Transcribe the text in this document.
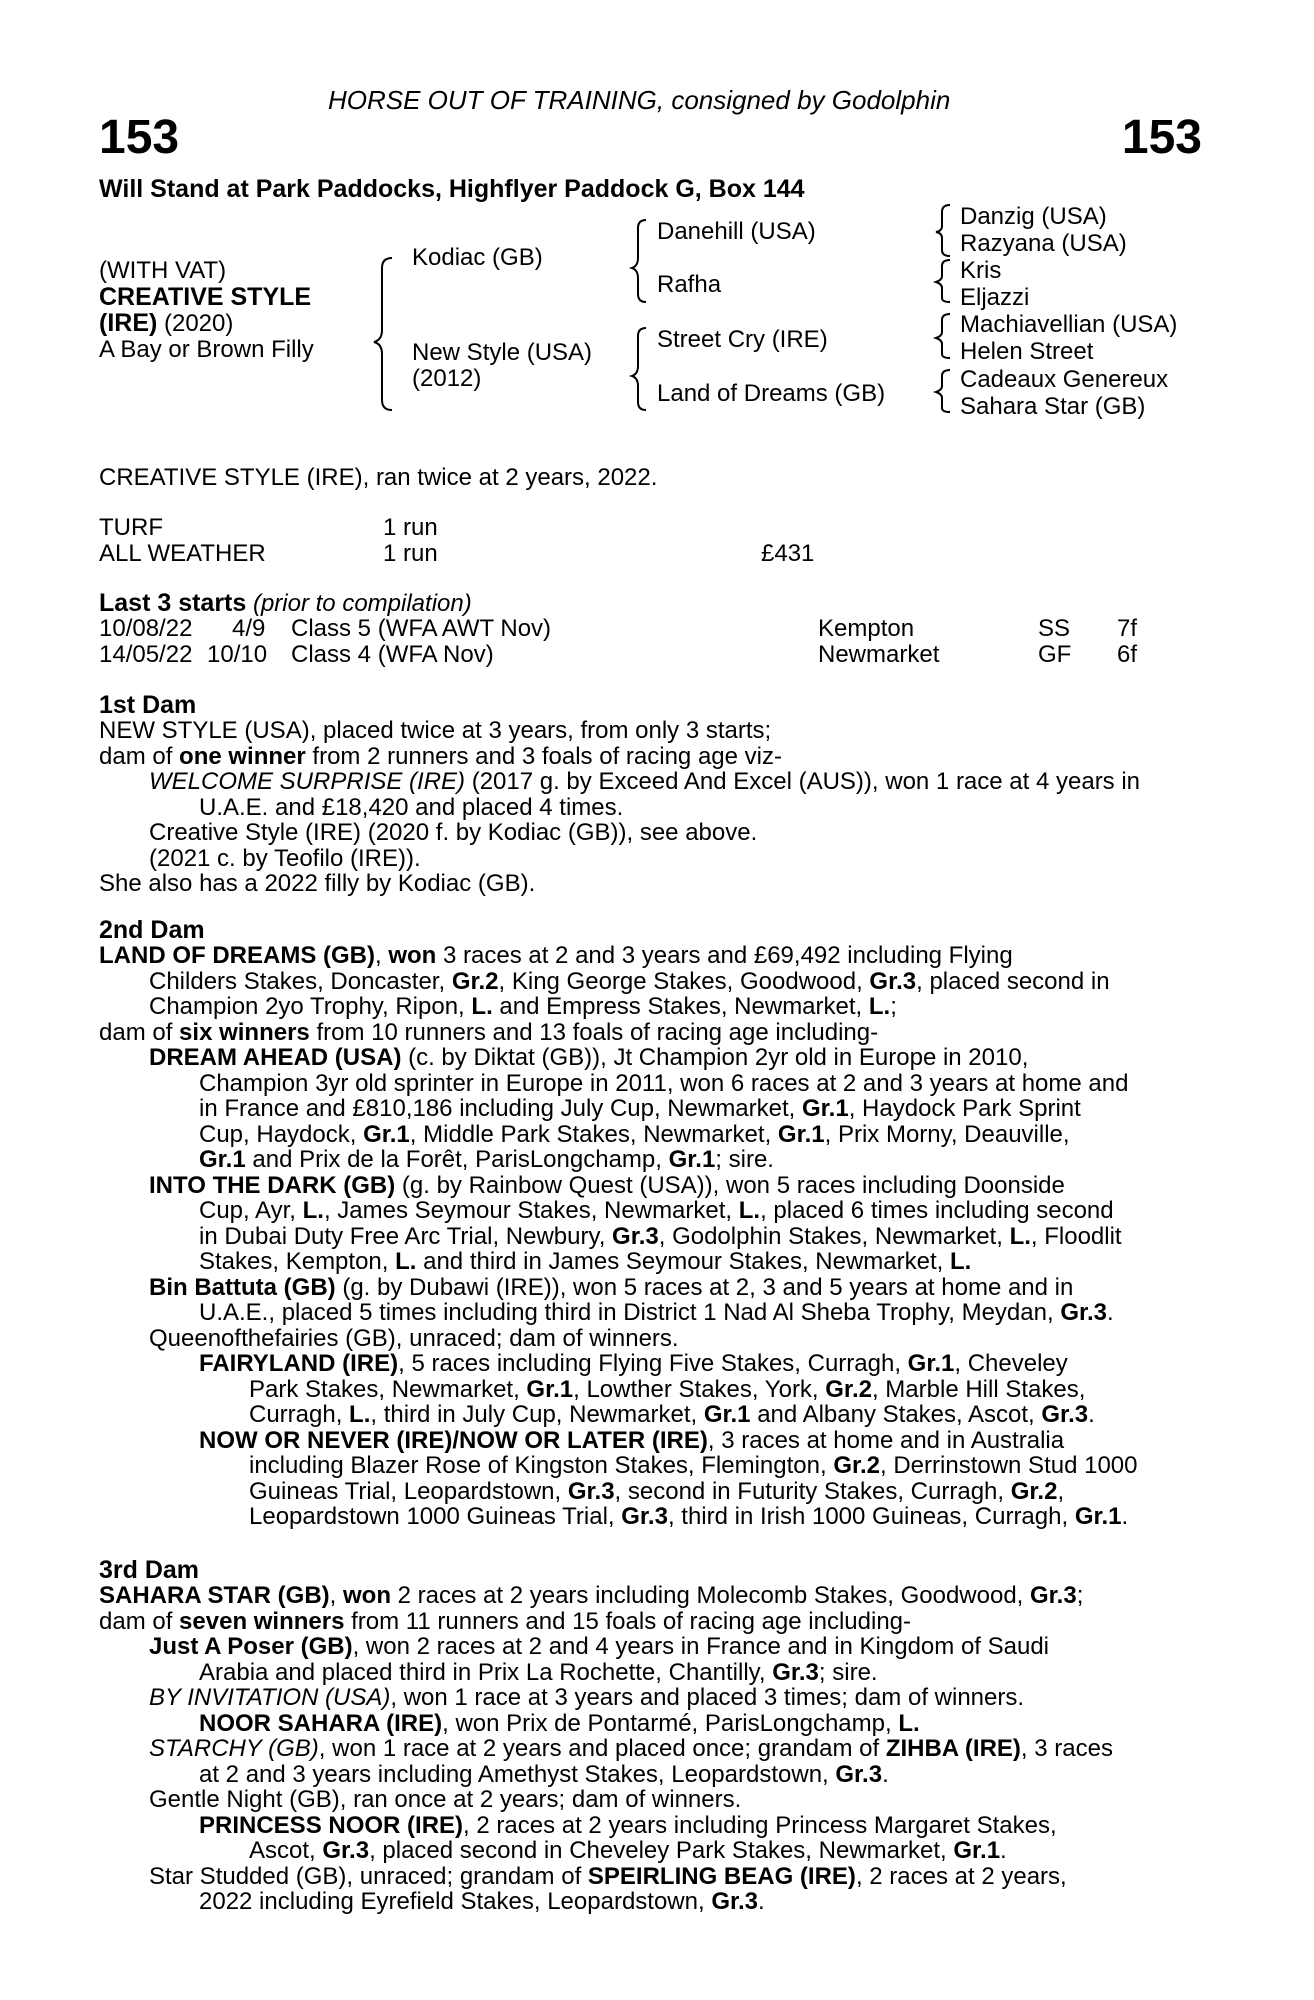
HORSE OUT OF TRAINING, consigned by Godolphin
153	153
Will Stand at Park Paddocks, Highflyer Paddock G, Box 144
(WITH VAT)
CREATIVE STYLE
(IRE) (2020)
A Bay or Brown Filly
Kodiac (GB)
New Style (USA)
(2012)
Danehill (USA)
Rafha
Street Cry (IRE)
Land of Dreams (GB)
Danzig (USA)
Razyana (USA)
Kris
Eljazzi
Machiavellian (USA)
Helen Street
Cadeaux Genereux
Sahara Star (GB)
CREATIVE STYLE (IRE), ran twice at 2 years, 2022.
TURF	1 run
ALL WEATHER	1 run	£431
Last 3 starts (prior to compilation)
10/08/22 4/9 Class 5 (WFA AWT Nov)	Kempton	SS 7f
14/05/22 10/10 Class 4 (WFA Nov)	Newmarket	GF 6f
1st Dam
NEW STYLE (USA), placed twice at 3 years, from only 3 starts;
dam of one winner from 2 runners and 3 foals of racing age viz-
WELCOME SURPRISE (IRE) (2017 g. by Exceed And Excel (AUS)), won 1 race at 4 years in
U.A.E. and £18,420 and placed 4 times.
Creative Style (IRE) (2020 f. by Kodiac (GB)), see above.
(2021 c. by Teofilo (IRE)).
She also has a 2022 filly by Kodiac (GB).
2nd Dam
LAND OF DREAMS (GB), won 3 races at 2 and 3 years and £69,492 including Flying
Childers Stakes, Doncaster, Gr.2, King George Stakes, Goodwood, Gr.3, placed second in
Champion 2yo Trophy, Ripon, L. and Empress Stakes, Newmarket, L.;
dam of six winners from 10 runners and 13 foals of racing age including-
DREAM AHEAD (USA) (c. by Diktat (GB)), Jt Champion 2yr old in Europe in 2010,
Champion 3yr old sprinter in Europe in 2011, won 6 races at 2 and 3 years at home and
in France and £810,186 including July Cup, Newmarket, Gr.1, Haydock Park Sprint
Cup, Haydock, Gr.1, Middle Park Stakes, Newmarket, Gr.1, Prix Morny, Deauville,
Gr.1 and Prix de la Forêt, ParisLongchamp, Gr.1; sire.
INTO THE DARK (GB) (g. by Rainbow Quest (USA)), won 5 races including Doonside
Cup, Ayr, L., James Seymour Stakes, Newmarket, L., placed 6 times including second
in Dubai Duty Free Arc Trial, Newbury, Gr.3, Godolphin Stakes, Newmarket, L., Floodlit
Stakes, Kempton, L. and third in James Seymour Stakes, Newmarket, L.
Bin Battuta (GB) (g. by Dubawi (IRE)), won 5 races at 2, 3 and 5 years at home and in
U.A.E., placed 5 times including third in District 1 Nad Al Sheba Trophy, Meydan, Gr.3.
Queenofthefairies (GB), unraced; dam of winners.
FAIRYLAND (IRE), 5 races including Flying Five Stakes, Curragh, Gr.1, Cheveley
Park Stakes, Newmarket, Gr.1, Lowther Stakes, York, Gr.2, Marble Hill Stakes,
Curragh, L., third in July Cup, Newmarket, Gr.1 and Albany Stakes, Ascot, Gr.3.
NOW OR NEVER (IRE)/NOW OR LATER (IRE), 3 races at home and in Australia
including Blazer Rose of Kingston Stakes, Flemington, Gr.2, Derrinstown Stud 1000
Guineas Trial, Leopardstown, Gr.3, second in Futurity Stakes, Curragh, Gr.2,
Leopardstown 1000 Guineas Trial, Gr.3, third in Irish 1000 Guineas, Curragh, Gr.1.
3rd Dam
SAHARA STAR (GB), won 2 races at 2 years including Molecomb Stakes, Goodwood, Gr.3;
dam of seven winners from 11 runners and 15 foals of racing age including-
Just A Poser (GB), won 2 races at 2 and 4 years in France and in Kingdom of Saudi
Arabia and placed third in Prix La Rochette, Chantilly, Gr.3; sire.
BY INVITATION (USA), won 1 race at 3 years and placed 3 times; dam of winners.
NOOR SAHARA (IRE), won Prix de Pontarmé, ParisLongchamp, L.
STARCHY (GB), won 1 race at 2 years and placed once; grandam of ZIHBA (IRE), 3 races
at 2 and 3 years including Amethyst Stakes, Leopardstown, Gr.3.
Gentle Night (GB), ran once at 2 years; dam of winners.
PRINCESS NOOR (IRE), 2 races at 2 years including Princess Margaret Stakes,
Ascot, Gr.3, placed second in Cheveley Park Stakes, Newmarket, Gr.1.
Star Studded (GB), unraced; grandam of SPEIRLING BEAG (IRE), 2 races at 2 years,
2022 including Eyrefield Stakes, Leopardstown, Gr.3.
